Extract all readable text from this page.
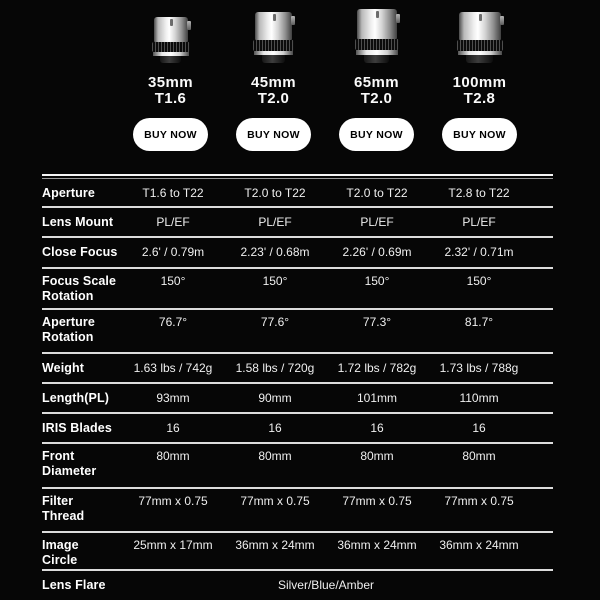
35mm
T1.6
BUY NOW
45mm
T2.0
BUY NOW
65mm
T2.0
BUY NOW
100mm
T2.8
BUY NOW
Aperture	T1.6 to T22	T2.0 to T22	T2.0 to T22	T2.8 to T22
Lens Mount	PL/EF	PL/EF	PL/EF	PL/EF
Close Focus	2.6' / 0.79m	2.23' / 0.68m	2.26' / 0.69m	2.32' / 0.71m
Focus Scale
Rotation
150°	150°	150°	150°
Aperture
Rotation
76.7°	77.6°	77.3°	81.7°
Weight	1.63 lbs / 742g	1.58 lbs / 720g	1.72 lbs / 782g	1.73 lbs / 788g
Length(PL)	93mm	90mm	101mm	110mm
IRIS Blades	16	16	16	16
Front
Diameter
80mm	80mm	80mm	80mm
Filter
Thread
77mm x 0.75	77mm x 0.75	77mm x 0.75	77mm x 0.75
Image
Circle
25mm x 17mm	36mm x 24mm	36mm x 24mm	36mm x 24mm
Lens Flare	Silver/Blue/Amber
